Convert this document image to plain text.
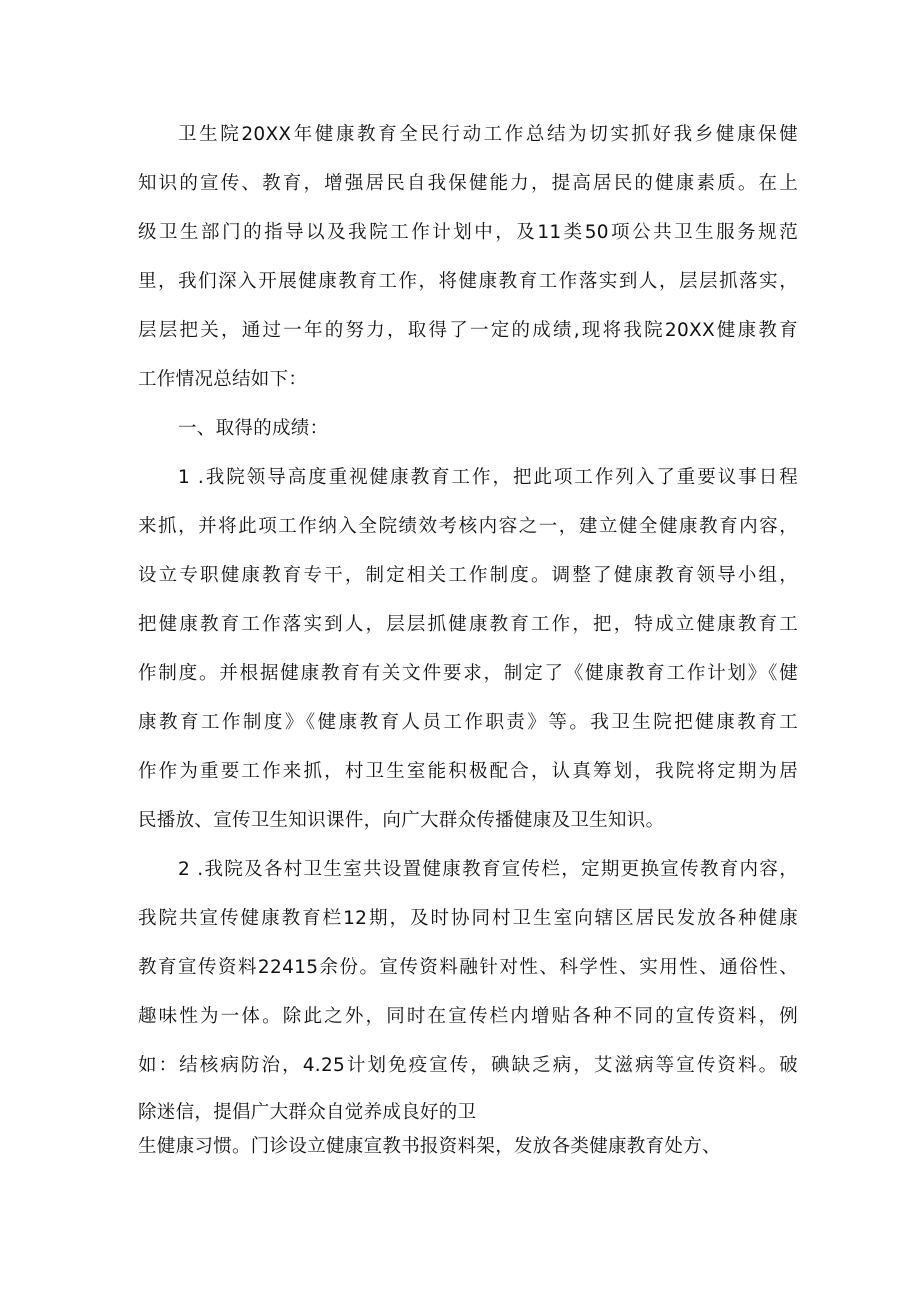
卫生院20XX年健康教育全民行动工作总结为切实抓好我乡健康保健
知识的宣传、教育，增强居民自我保健能力，提高居民的健康素质。在上
级卫生部门的指导以及我院工作计划中，及11类50项公共卫生服务规范
里，我们深入开展健康教育工作，将健康教育工作落实到人，层层抓落实，
层层把关，通过一年的努力，取得了一定的成绩,现将我院20XX健康教育
工作情况总结如下：
一、取得的成绩：
1 .我院领导高度重视健康教育工作，把此项工作列入了重要议事日程
来抓，并将此项工作纳入全院绩效考核内容之一，建立健全健康教育内容，
设立专职健康教育专干，制定相关工作制度。调整了健康教育领导小组，
把健康教育工作落实到人，层层抓健康教育工作，把，特成立健康教育工
作制度。并根据健康教育有关文件要求，制定了《健康教育工作计划》《健
康教育工作制度》《健康教育人员工作职责》等。我卫生院把健康教育工
作作为重要工作来抓，村卫生室能积极配合，认真筹划，我院将定期为居
民播放、宣传卫生知识课件，向广大群众传播健康及卫生知识。
2 .我院及各村卫生室共设置健康教育宣传栏，定期更换宣传教育内容，
我院共宣传健康教育栏12期，及时协同村卫生室向辖区居民发放各种健康
教育宣传资料22415余份。宣传资料融针对性、科学性、实用性、通俗性、
趣味性为一体。除此之外，同时在宣传栏内增贴各种不同的宣传资料，例
如：结核病防治，4.25计划免疫宣传，碘缺乏病，艾滋病等宣传资料。破
除迷信，提倡广大群众自觉养成良好的卫
生健康习惯。门诊设立健康宣教书报资料架，发放各类健康教育处方、
